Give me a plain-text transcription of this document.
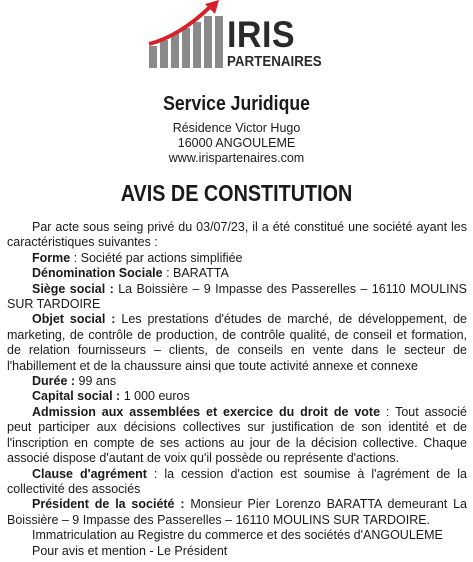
IRIS
PARTENAIRES
Service Juridique
Résidence Victor Hugo
16000 ANGOULEME
www.irispartenaires.com
AVIS DE CONSTITUTION

Par acte sous seing privé du 03/07/23, il a été constitué une société ayant les caractéristiques suivantes :

Forme : Société par actions simplifiée

Dénomination Sociale : BARATTA

Siège social : La Boissière – 9 Impasse des Passerelles – 16110 MOULINS SUR TARDOIRE

Objet social : Les prestations d'études de marché, de développement, de marketing, de contrôle de production, de contrôle qualité, de conseil et formation, de relation fournisseurs – clients, de conseils en vente dans le secteur de l'habillement et de la chaussure ainsi que toute activité annexe et connexe

Durée : 99 ans

Capital social : 1 000 euros

Admission aux assemblées et exercice du droit de vote : Tout associé peut participer aux décisions collectives sur justification de son identité et de l'inscription en compte de ses actions au jour de la décision collective. Chaque associé dispose d'autant de voix qu'il possède ou représente d'actions.

Clause d'agrément : la cession d'action est soumise à l'agrément de la collectivité des associés

Président de la société : Monsieur Pier Lorenzo BARATTA demeurant La Boissière – 9 Impasse des Passerelles – 16110 MOULINS SUR TARDOIRE.

Immatriculation au Registre du commerce et des sociétés d'ANGOULEME

Pour avis et mention - Le Président
